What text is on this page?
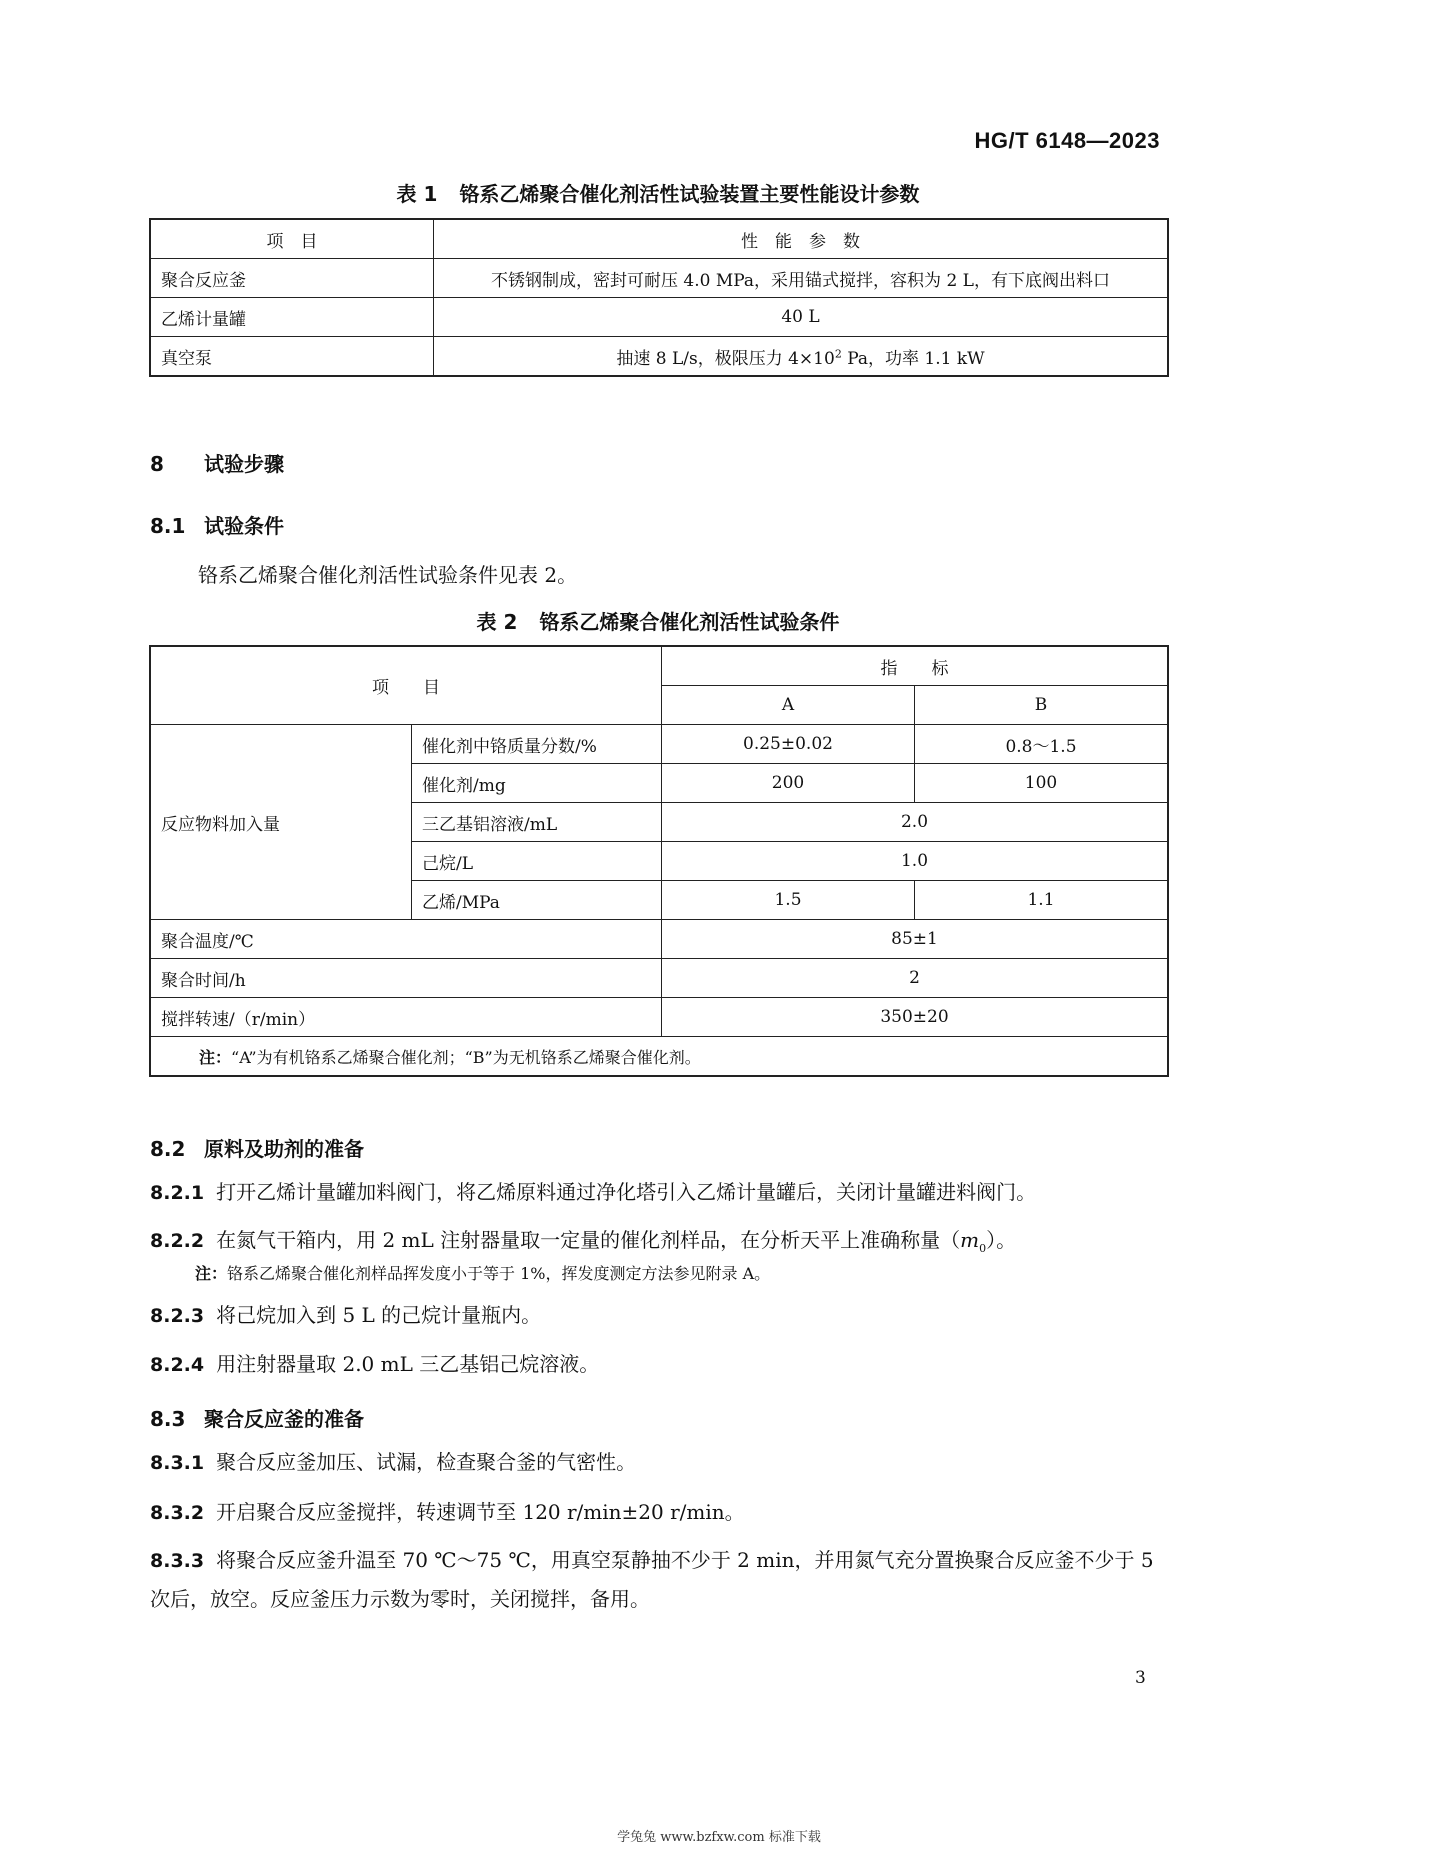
HG/T 6148—2023
表 1 铬系乙烯聚合催化剂活性试验装置主要性能设计参数
项　目	性　能　参　数
聚合反应釜	不锈钢制成，密封可耐压 4.0 MPa，采用锚式搅拌，容积为 2 L，有下底阀出料口
乙烯计量罐	40 L
真空泵	抽速 8 L/s，极限压力 $4\times 10^2$ Pa，功率 1.1 kW
8 试验步骤
8.1 试验条件
铬系乙烯聚合催化剂活性试验条件见表 2。
表 2 铬系乙烯聚合催化剂活性试验条件
项　　目		指　　标	
		A	B
反应物料加入量	催化剂中铬质量分数/%	0.25±0.02	0.8～1.5
	催化剂/mg	200	100
	三乙基铝溶液/mL	2.0	
	己烷/L	1.0	
	乙烯/MPa	1.5	1.1
聚合温度/℃		85±1	
聚合时间/h		2	
搅拌转速/（r/min）		350±20	
注：“A”为有机铬系乙烯聚合催化剂；“B”为无机铬系乙烯聚合催化剂。			
8.2 原料及助剂的准备
8.2.1 打开乙烯计量罐加料阀门，将乙烯原料通过净化塔引入乙烯计量罐后，关闭计量罐进料阀门。
8.2.2 在氮气干箱内，用 2 mL 注射器量取一定量的催化剂样品，在分析天平上准确称量$(m_0)$。
注：铬系乙烯聚合催化剂样品挥发度小于等于 1%，挥发度测定方法参见附录 A。
8.2.3 将己烷加入到 5 L 的己烷计量瓶内。
8.2.4 用注射器量取 2.0 mL 三乙基铝己烷溶液。
8.3 聚合反应釜的准备
8.3.1 聚合反应釜加压、试漏，检查聚合釜的气密性。
8.3.2 开启聚合反应釜搅拌，转速调节至 120 r/min±20 r/min。
8.3.3 将聚合反应釜升温至 70 ℃～75 ℃，用真空泵静抽不少于 2 min，并用氮气充分置换聚合反应釜不少于 5 次后，放空。反应釜压力示数为零时，关闭搅拌，备用。
3
学兔兔 www.bzfxw.com 标准下载
